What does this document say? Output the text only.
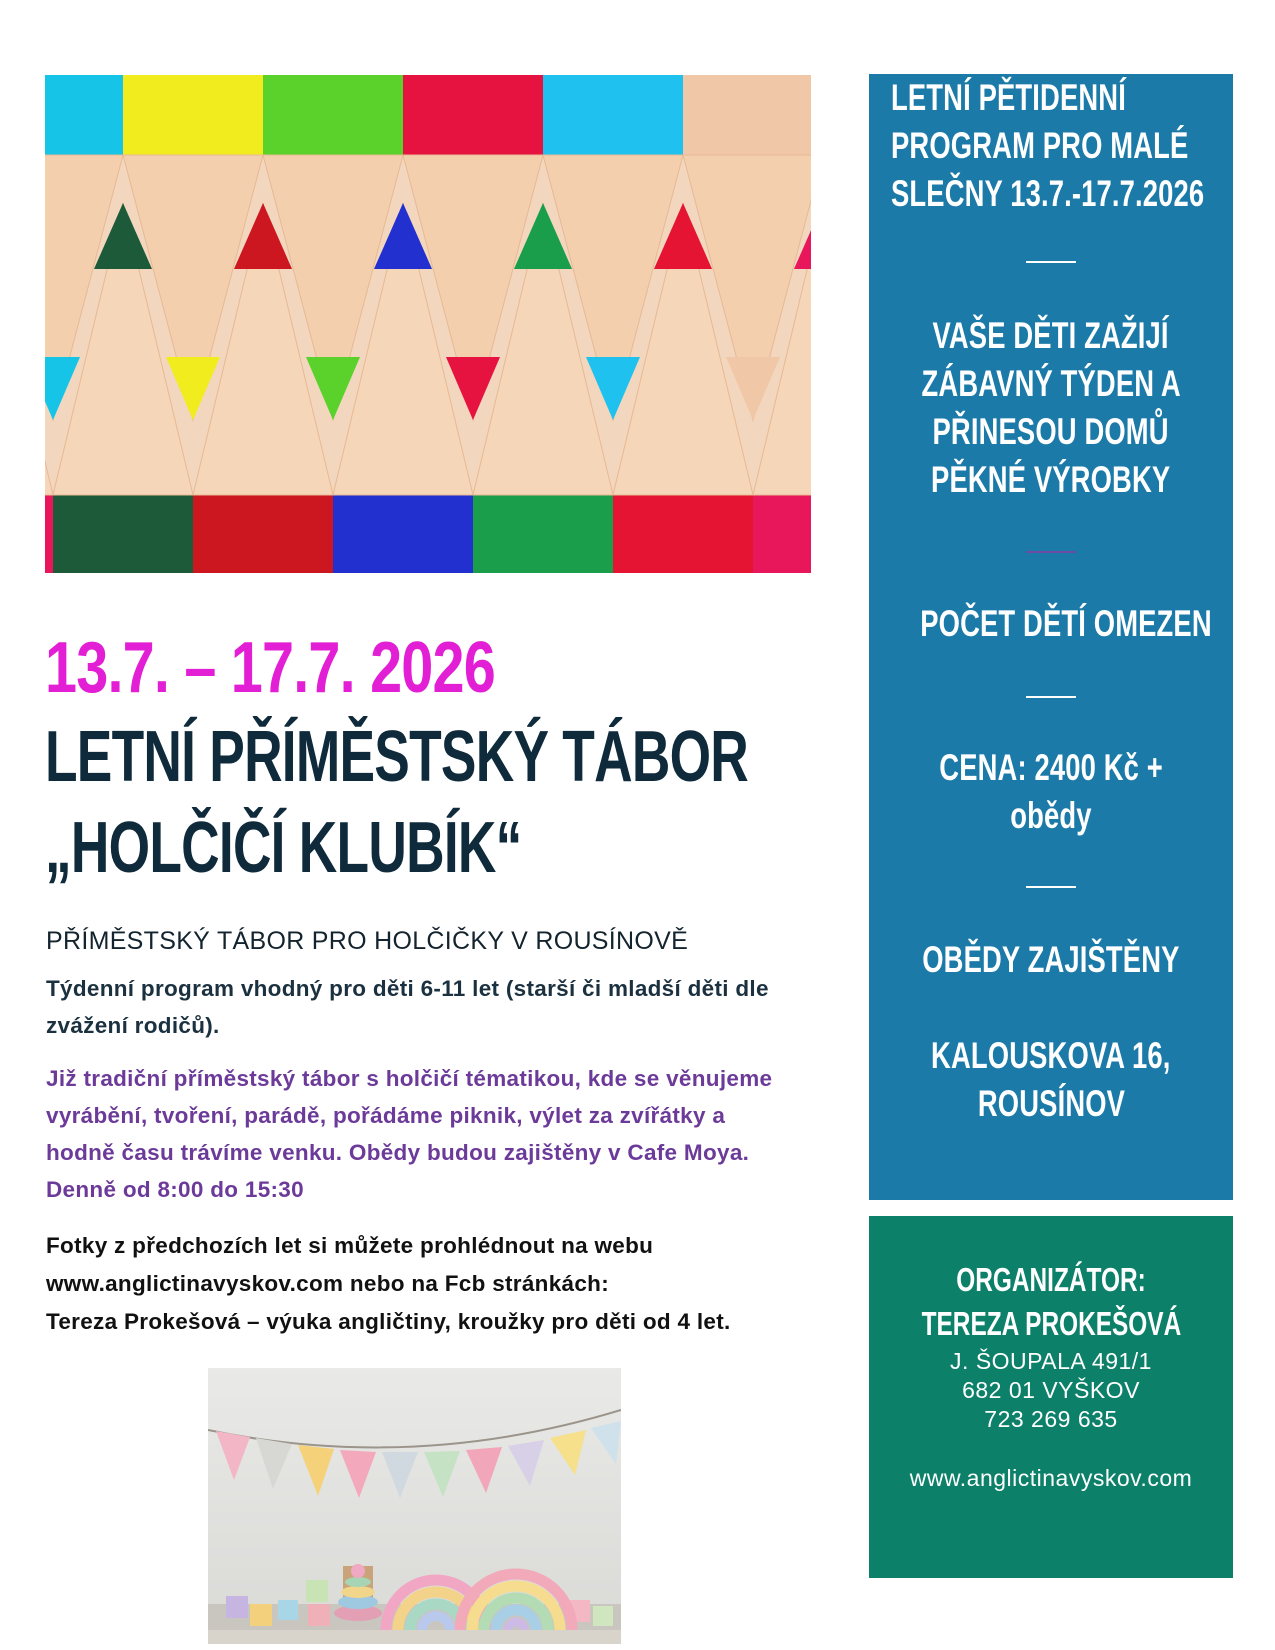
13.7. – 17.7. 2026
LETNÍ PŘÍMĚSTSKÝ TÁBOR
„HOLČIČÍ KLUBÍK“
PŘÍMĚSTSKÝ TÁBOR PRO HOLČIČKY V ROUSÍNOVĚ
Týdenní program vhodný pro děti 6-11 let (starší či mladší děti dle
zvážení rodičů).
Již tradiční příměstský tábor s holčičí tématikou, kde se věnujeme
vyrábění, tvoření, parádě, pořádáme piknik, výlet za zvířátky a
hodně času trávíme venku. Obědy budou zajištěny v Cafe Moya.
Denně od 8:00 do 15:30
Fotky z předchozích let si můžete prohlédnout na webu
www.anglictinavyskov.com nebo na Fcb stránkách:
Tereza Prokešová – výuka angličtiny, kroužky pro děti od 4 let.
LETNÍ PĚTIDENNÍ
PROGRAM PRO MALÉ
SLEČNY 13.7.-17.7.2026
VAŠE DĚTI ZAŽIJÍ
ZÁBAVNÝ TÝDEN A
PŘINESOU DOMŮ
PĚKNÉ VÝROBKY
POČET DĚTÍ OMEZEN
CENA: 2400 Kč +
obědy
OBĚDY ZAJIŠTĚNY
KALOUSKOVA 16,
ROUSÍNOV
ORGANIZÁTOR:
TEREZA PROKEŠOVÁ
J. ŠOUPALA 491/1
682 01 VYŠKOV
723 269 635
www.anglictinavyskov.com
